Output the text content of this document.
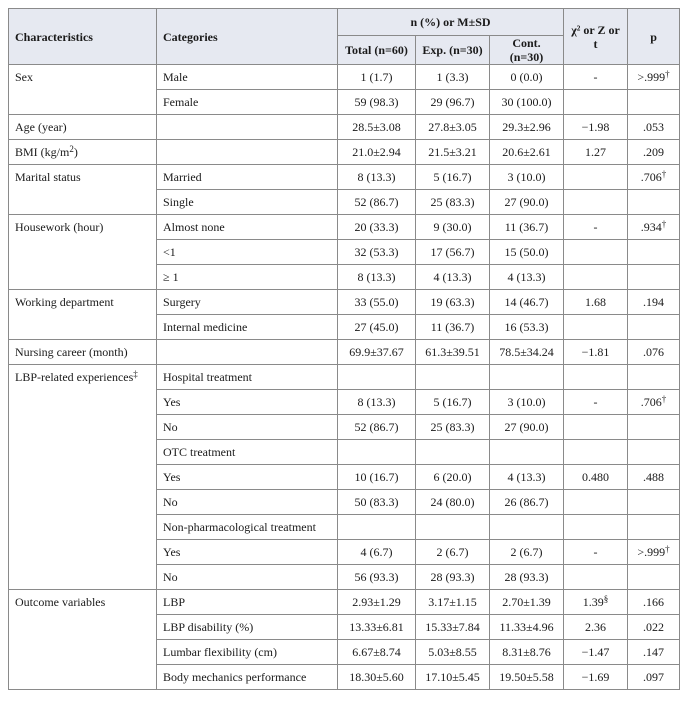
Characteristics	Categories	n (%) or M±SD			χ² or Z or t	p
		Total (n=60)	Exp. (n=30)	Cont. (n=30)		
Sex	Male	1 (1.7)	1 (3.3)	0 (0.0)	-	>.999†
	Female	59 (98.3)	29 (96.7)	30 (100.0)		
Age (year)		28.5±3.08	27.8±3.05	29.3±2.96	−1.98	.053
BMI $(kg/m^2)$		21.0±2.94	21.5±3.21	20.6±2.61	1.27	.209
Marital status	Married	8 (13.3)	5 (16.7)	3 (10.0)		.706†
	Single	52 (86.7)	25 (83.3)	27 (90.0)		
Housework (hour)	Almost none	20 (33.3)	9 (30.0)	11 (36.7)	-	.934†
	<1	32 (53.3)	17 (56.7)	15 (50.0)		
	≥ 1	8 (13.3)	4 (13.3)	4 (13.3)		
Working department	Surgery	33 (55.0)	19 (63.3)	14 (46.7)	1.68	.194
	Internal medicine	27 (45.0)	11 (36.7)	16 (53.3)		
Nursing career (month)		69.9±37.67	61.3±39.51	78.5±34.24	−1.81	.076
LBP-related experiences‡	Hospital treatment					
	Yes	8 (13.3)	5 (16.7)	3 (10.0)	-	.706†
	No	52 (86.7)	25 (83.3)	27 (90.0)		
	OTC treatment					
	Yes	10 (16.7)	6 (20.0)	4 (13.3)	0.480	.488
	No	50 (83.3)	24 (80.0)	26 (86.7)		
	Non-pharmacological treatment					
	Yes	4 (6.7)	2 (6.7)	2 (6.7)	-	>.999†
	No	56 (93.3)	28 (93.3)	28 (93.3)		
Outcome variables	LBP	2.93±1.29	3.17±1.15	2.70±1.39	1.39§	.166
	LBP disability (%)	13.33±6.81	15.33±7.84	11.33±4.96	2.36	.022
	Lumbar flexibility (cm)	6.67±8.74	5.03±8.55	8.31±8.76	−1.47	.147
	Body mechanics performance	18.30±5.60	17.10±5.45	19.50±5.58	−1.69	.097
